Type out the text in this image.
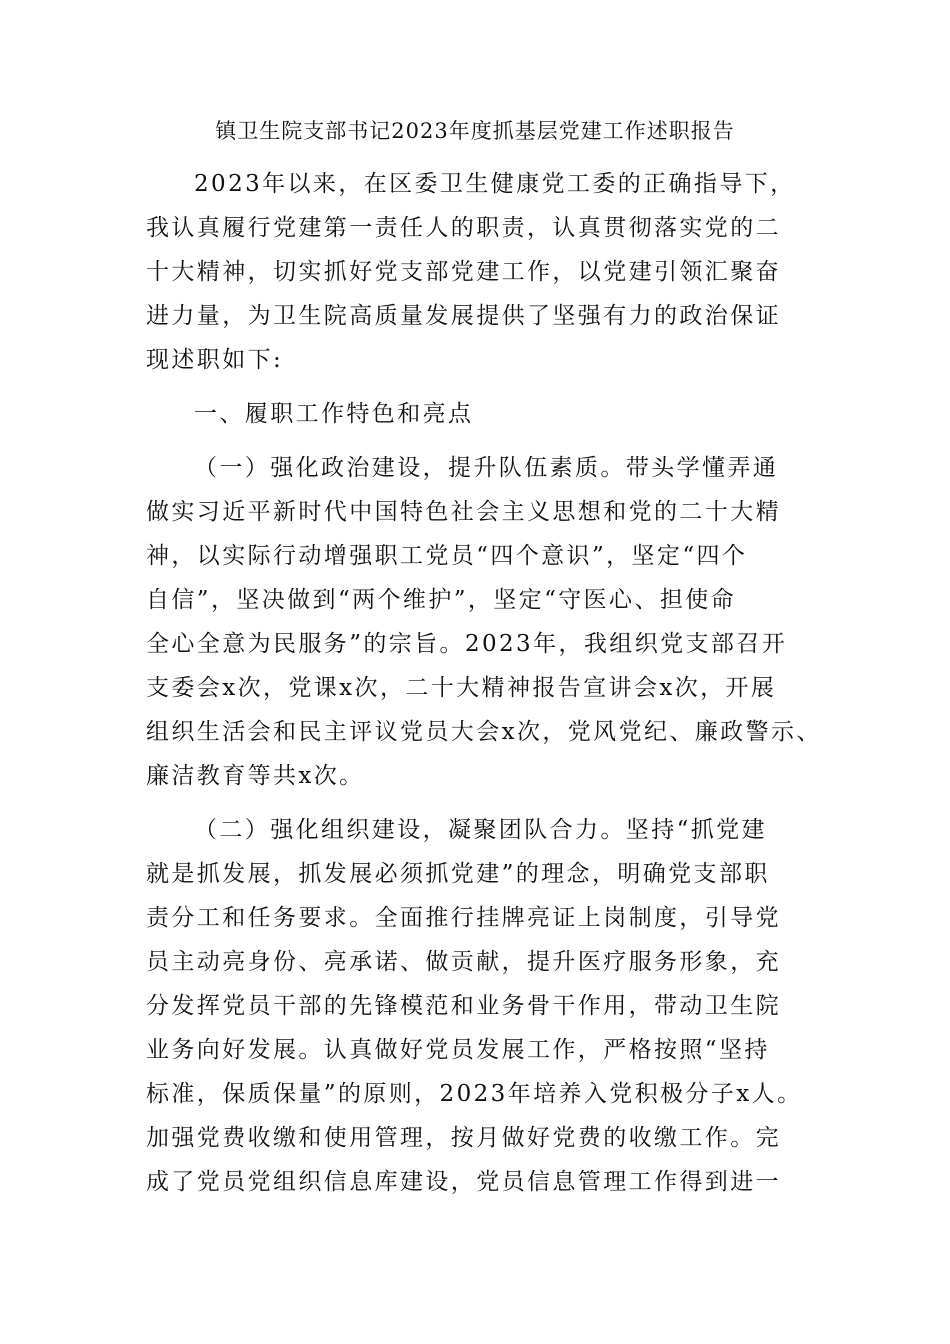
镇卫生院支部书记2023年度抓基层党建工作述职报告
2023年以来，在区委卫生健康党工委的正确指导下，
我认真履行党建第一责任人的职责，认真贯彻落实党的二
十大精神，切实抓好党支部党建工作，以党建引领汇聚奋
进力量，为卫生院高质量发展提供了坚强有力的政治保证
现述职如下:
一、履职工作特色和亮点
（一）强化政治建设，提升队伍素质。带头学懂弄通
做实习近平新时代中国特色社会主义思想和党的二十大精
神，以实际行动增强职工党员“四个意识”，坚定“四个
自信”，坚决做到“两个维护”，坚定“守医心、担使命
全心全意为民服务”的宗旨。2023年，我组织党支部召开
支委会x次，党课x次，二十大精神报告宣讲会x次，开展
组织生活会和民主评议党员大会x次，党风党纪、廉政警示、
廉洁教育等共x次。
（二）强化组织建设，凝聚团队合力。坚持“抓党建
就是抓发展，抓发展必须抓党建”的理念，明确党支部职
责分工和任务要求。全面推行挂牌亮证上岗制度，引导党
员主动亮身份、亮承诺、做贡献，提升医疗服务形象，充
分发挥党员干部的先锋模范和业务骨干作用，带动卫生院
业务向好发展。认真做好党员发展工作，严格按照“坚持
标准，保质保量”的原则，2023年培养入党积极分子x人。
加强党费收缴和使用管理，按月做好党费的收缴工作。完
成了党员党组织信息库建设，党员信息管理工作得到进一
